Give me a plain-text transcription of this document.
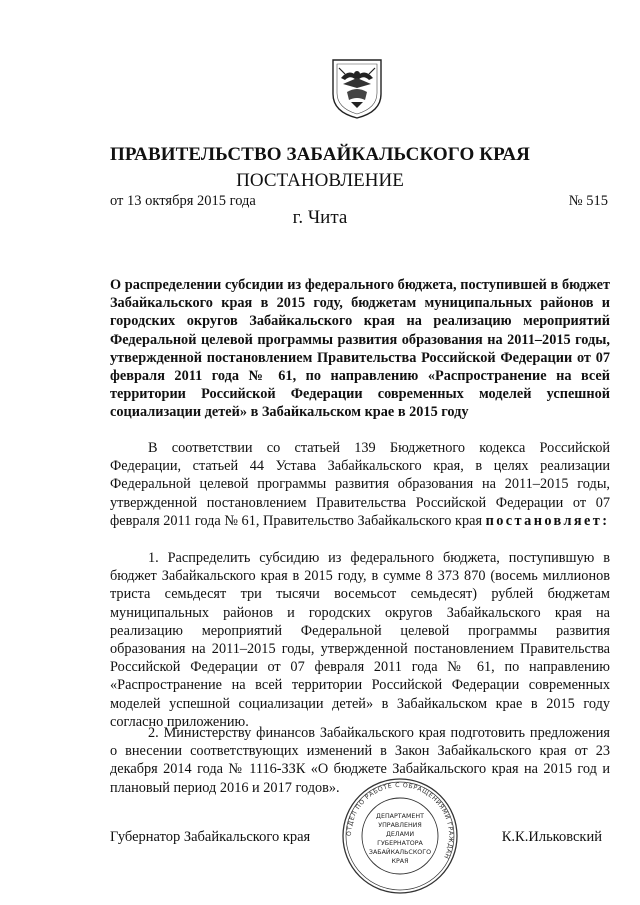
ПРАВИТЕЛЬСТВО ЗАБАЙКАЛЬСКОГО КРАЯ
ПОСТАНОВЛЕНИЕ
от 13 октября 2015 года	№ 515
г. Чита
О распределении субсидии из федерального бюджета, поступившей в бюджет Забайкальского края в 2015 году, бюджетам муниципальных районов и городских округов Забайкальского края на реализацию мероприятий Федеральной целевой программы развития образования на 2011–2015 годы, утвержденной постановлением Правительства Российской Федерации от 07 февраля 2011 года № 61, по направлению «Распространение на всей территории Российской Федерации современных моделей успешной социализации детей» в Забайкальском крае в 2015 году
В соответствии со статьей 139 Бюджетного кодекса Российской Федерации, статьей 44 Устава Забайкальского края, в целях реализации Федеральной целевой программы развития образования на 2011–2015 годы, утвержденной постановлением Правительства Российской Федерации от 07 февраля 2011 года № 61, Правительство Забайкальского края постановляет:
1. Распределить субсидию из федерального бюджета, поступившую в бюджет Забайкальского края в 2015 году, в сумме 8 373 870 (восемь миллионов триста семьдесят три тысячи восемьсот семьдесят) рублей бюджетам муниципальных районов и городских округов Забайкальского края на реализацию мероприятий Федеральной целевой программы развития образования на 2011–2015 годы, утвержденной постановлением Правительства Российской Федерации от 07 февраля 2011 года № 61, по направлению «Распространение на всей территории Российской Федерации современных моделей успешной социализации детей» в Забайкальском крае в 2015 году согласно приложению.
2. Министерству финансов Забайкальского края подготовить предложения о внесении соответствующих изменений в Закон Забайкальского края от 23 декабря 2014 года № 1116-ЗЗК «О бюджете Забайкальского края на 2015 год и плановый период 2016 и 2017 годов».
Губернатор Забайкальского края	К.К.Ильковский
ОТДЕЛ ПО РАБОТЕ С ОБРАЩЕНИЯМИ ГРАЖДАН
ДЕПАРТАМЕНТ
УПРАВЛЕНИЯ
ДЕЛАМИ
ГУБЕРНАТОРА
ЗАБАЙКАЛЬСКОГО
КРАЯ
